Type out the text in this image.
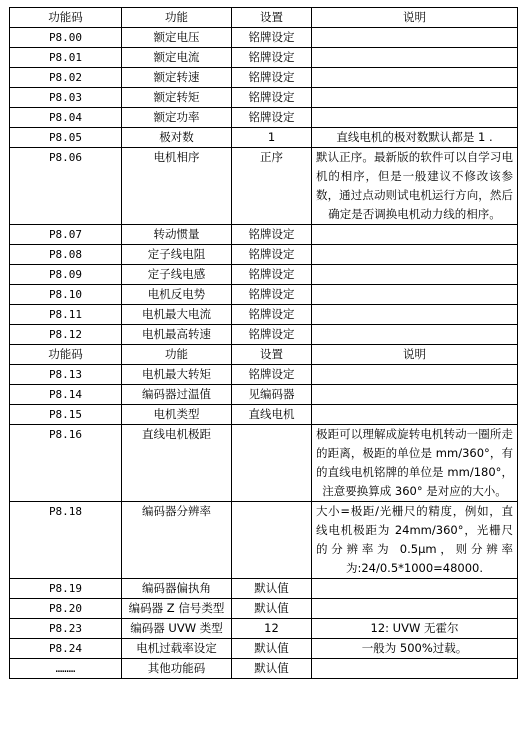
功能码	功能	设置	说明
P8.00	额定电压	铭牌设定	
P8.01	额定电流	铭牌设定	
P8.02	额定转速	铭牌设定	
P8.03	额定转矩	铭牌设定	
P8.04	额定功率	铭牌设定	
P8.05	极对数	1	直线电机的极对数默认都是 1 .
P8.06	电机相序	正序	默认正序。最新版的软件可以自学习电机的相序，但是一般建议不修改该参数，通过点动则试电机运行方向，然后确定是否调换电机动力线的相序。
P8.07	转动惯量	铭牌设定	
P8.08	定子线电阻	铭牌设定	
P8.09	定子线电感	铭牌设定	
P8.10	电机反电势	铭牌设定	
P8.11	电机最大电流	铭牌设定	
P8.12	电机最高转速	铭牌设定	
功能码	功能	设置	说明
P8.13	电机最大转矩	铭牌设定	
P8.14	编码器过温值	见编码器	
P8.15	电机类型	直线电机	
P8.16	直线电机极距		极距可以理解成旋转电机转动一圈所走的距离，极距的单位是 mm/360°，有的直线电机铭牌的单位是 mm/180°，注意要换算成 360° 是对应的大小。
P8.18	编码器分辨率		大小=极距/光栅尺的精度，例如，直线电机极距为 24mm/360°，光栅尺的分辨率为 0.5μm，则分辨率为:24/0.5*1000=48000.
P8.19	编码器偏执角	默认值	
P8.20	编码器 Z 信号类型	默认值	
P8.23	编码器 UVW 类型	12	12: UVW 无霍尔
P8.24	电机过载率设定	默认值	一般为 500%过载。
………	其他功能码	默认值	
